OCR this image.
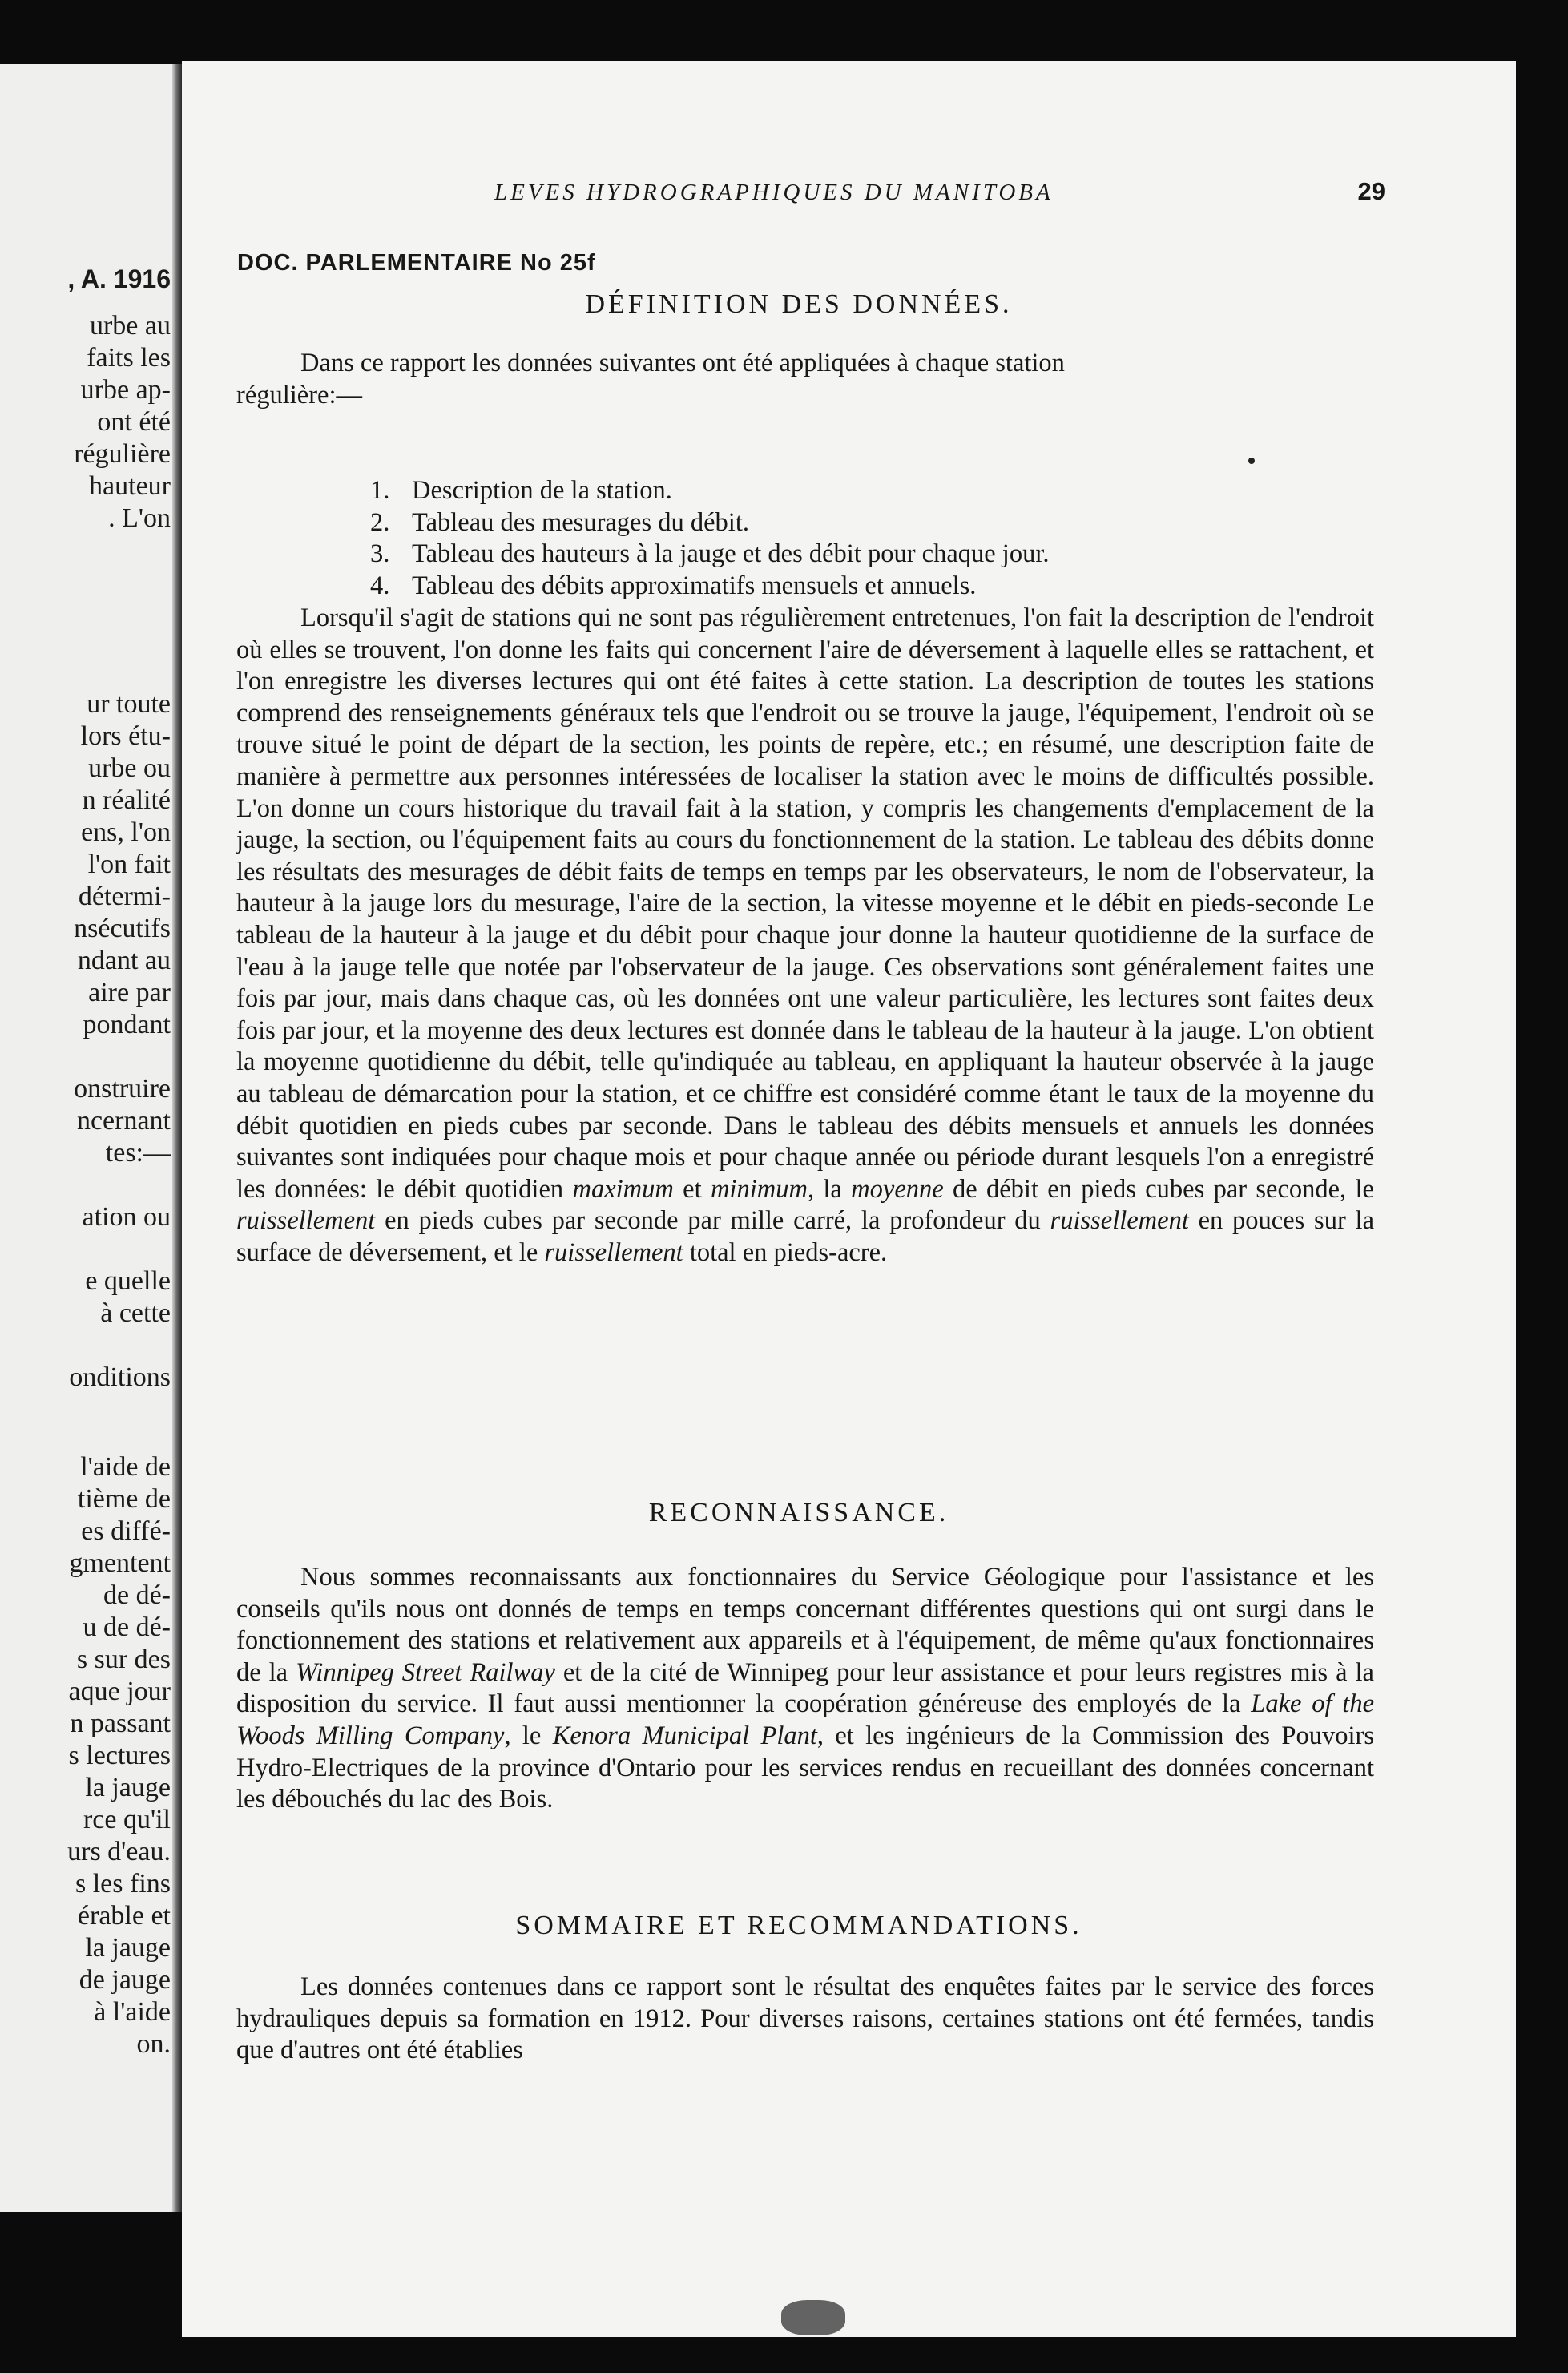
, A. 1916
urbe au
faits les
urbe ap-
ont été
régulière
hauteur
. L'on
ur toute
lors étu-
urbe ou
n réalité
ens, l'on
l'on fait
détermi-
nsécutifs
ndant au
aire par
pondant
onstruire
ncernant
tes:—
ation ou
e quelle
à cette
onditions
l'aide de
tième de
es diffé-
gmentent
de dé-
u de dé-
s sur des
aque jour
n passant
s lectures
la jauge
rce qu'il
urs d'eau.
s les fins
érable et
la jauge
de jauge
à l'aide
on.
LEVES HYDROGRAPHIQUES DU MANITOBA	29
DOC. PARLEMENTAIRE No 25f
DÉFINITION DES DONNÉES.

Dans ce rapport les données suivantes ont été appliquées à chaque station

régulière:—

1. Description de la station.
2. Tableau des mesurages du débit.
3. Tableau des hauteurs à la jauge et des débit pour chaque jour.
4. Tableau des débits approximatifs mensuels et annuels.

Lorsqu'il s'agit de stations qui ne sont pas régulièrement entretenues, l'on fait la description de l'endroit où elles se trouvent, l'on donne les faits qui concernent l'aire de déversement à laquelle elles se rattachent, et l'on enregistre les diverses lectures qui ont été faites à cette station. La description de toutes les stations comprend des renseignements généraux tels que l'endroit ou se trouve la jauge, l'équipement, l'endroit où se trouve situé le point de départ de la section, les points de repère, etc.; en résumé, une description faite de manière à permettre aux personnes intéressées de localiser la station avec le moins de difficultés possible. L'on donne un cours historique du travail fait à la station, y compris les changements d'emplacement de la jauge, la section, ou l'équipement faits au cours du fonctionnement de la station. Le tableau des débits donne les résultats des mesurages de débit faits de temps en temps par les observateurs, le nom de l'observateur, la hauteur à la jauge lors du mesurage, l'aire de la section, la vitesse moyenne et le débit en pieds-seconde Le tableau de la hauteur à la jauge et du débit pour chaque jour donne la hauteur quotidienne de la surface de l'eau à la jauge telle que notée par l'observateur de la jauge. Ces observations sont généralement faites une fois par jour, mais dans chaque cas, où les données ont une valeur particulière, les lectures sont faites deux fois par jour, et la moyenne des deux lectures est donnée dans le tableau de la hauteur à la jauge. L'on obtient la moyenne quotidienne du débit, telle qu'indiquée au tableau, en appliquant la hauteur observée à la jauge au tableau de démarcation pour la station, et ce chiffre est considéré comme étant le taux de la moyenne du débit quotidien en pieds cubes par seconde. Dans le tableau des débits mensuels et annuels les données suivantes sont indiquées pour chaque mois et pour chaque année ou période durant lesquels l'on a enregistré les données: le débit quotidien maximum et minimum, la moyenne de débit en pieds cubes par seconde, le ruissellement en pieds cubes par seconde par mille carré, la profondeur du ruissellement en pouces sur la surface de déversement, et le ruissellement total en pieds-acre.

RECONNAISSANCE.

Nous sommes reconnaissants aux fonctionnaires du Service Géologique pour l'assistance et les conseils qu'ils nous ont donnés de temps en temps concernant différentes questions qui ont surgi dans le fonctionnement des stations et relativement aux appareils et à l'équipement, de même qu'aux fonctionnaires de la Winnipeg Street Railway et de la cité de Winnipeg pour leur assistance et pour leurs registres mis à la disposition du service. Il faut aussi mentionner la coopération généreuse des employés de la Lake of the Woods Milling Company, le Kenora Municipal Plant, et les ingénieurs de la Commission des Pouvoirs Hydro-Electriques de la province d'Ontario pour les services rendus en recueillant des données concernant les débouchés du lac des Bois.

SOMMAIRE ET RECOMMANDATIONS.

Les données contenues dans ce rapport sont le résultat des enquêtes faites par le service des forces hydrauliques depuis sa formation en 1912. Pour diverses raisons, certaines stations ont été fermées, tandis que d'autres ont été établies
